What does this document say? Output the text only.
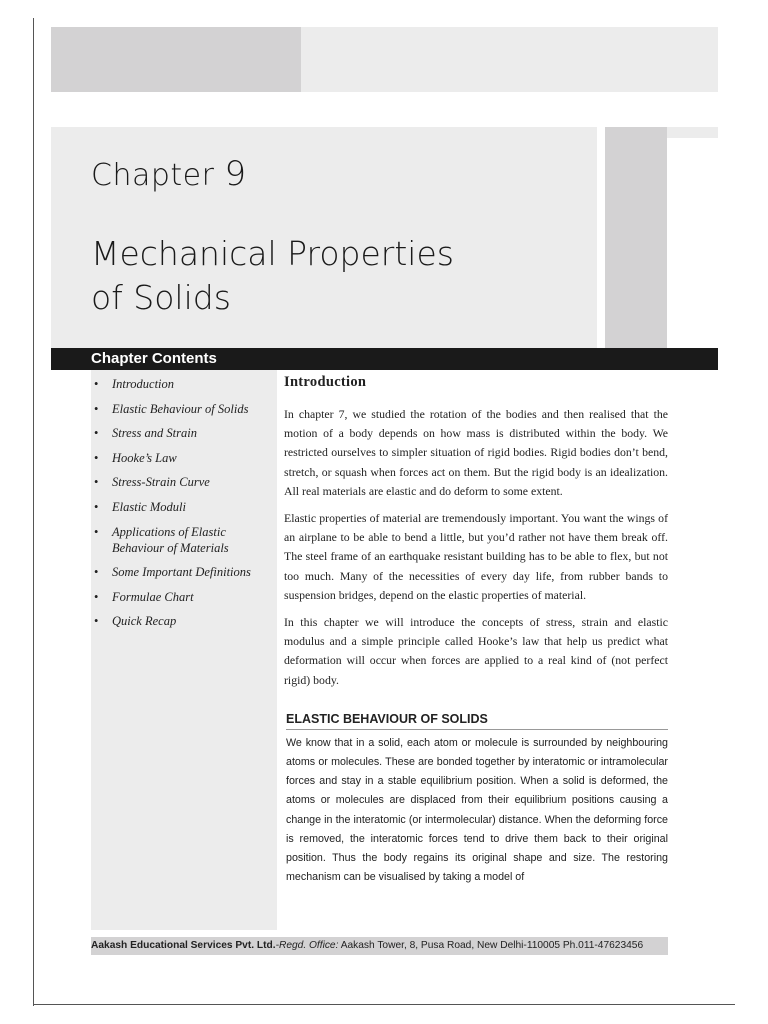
Chapter 9
Mechanical Properties
of Solids
Chapter Contents
• Introduction
• Elastic Behaviour of Solids
• Stress and Strain
• Hooke’s Law
• Stress-Strain Curve
• Elastic Moduli
• Applications of Elastic Behaviour of Materials
• Some Important Definitions
• Formulae Chart
• Quick Recap
Introduction

In chapter 7, we studied the rotation of the bodies and then realised that the motion of a body depends on how mass is distributed within the body. We restricted ourselves to simpler situation of rigid bodies. Rigid bodies don’t bend, stretch, or squash when forces act on them. But the rigid body is an idealization. All real materials are elastic and do deform to some extent.

Elastic properties of material are tremendously important. You want the wings of an airplane to be able to bend a little, but you’d rather not have them break off. The steel frame of an earthquake resistant building has to be able to flex, but not too much. Many of the necessities of every day life, from rubber bands to suspension bridges, depend on the elastic properties of material.

In this chapter we will introduce the concepts of stress, strain and elastic modulus and a simple principle called Hooke’s law that help us predict what deformation will occur when forces are applied to a real kind of (not perfect rigid) body.

ELASTIC BEHAVIOUR OF SOLIDS

We know that in a solid, each atom or molecule is surrounded by neighbouring atoms or molecules. These are bonded together by interatomic or intramolecular forces and stay in a stable equilibrium position. When a solid is deformed, the atoms or molecules are displaced from their equilibrium positions causing a change in the interatomic (or intermolecular) distance. When the deforming force is removed, the interatomic forces tend to drive them back to their original position. Thus the body regains its original shape and size. The restoring mechanism can be visualised by taking a model of

Aakash Educational Services Pvt. Ltd.-Regd. Office: Aakash Tower, 8, Pusa Road, New Delhi-110005 Ph.011-47623456
